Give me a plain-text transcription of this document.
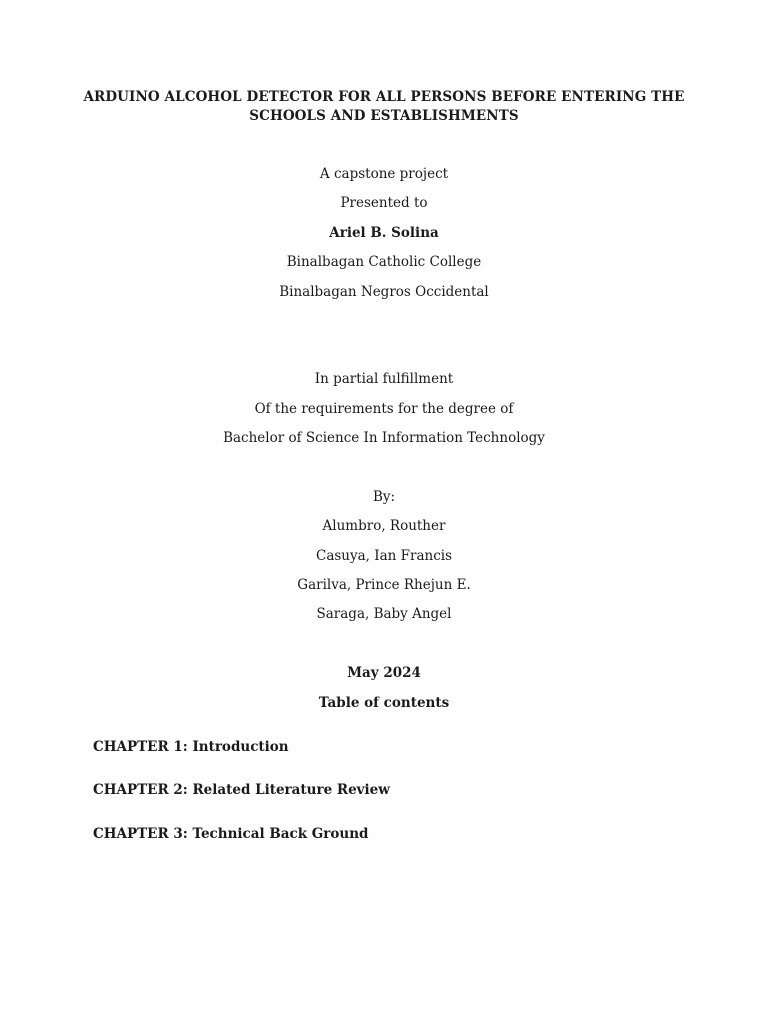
ARDUINO ALCOHOL DETECTOR FOR ALL PERSONS BEFORE ENTERING THE
SCHOOLS AND ESTABLISHMENTS
A capstone project
Presented to
Ariel B. Solina
Binalbagan Catholic College
Binalbagan Negros Occidental
In partial fulfillment
Of the requirements for the degree of
Bachelor of Science In Information Technology
By:
Alumbro, Routher
Casuya, Ian Francis
Garilva, Prince Rhejun E.
Saraga, Baby Angel
May 2024
Table of contents
CHAPTER 1: Introduction
CHAPTER 2: Related Literature Review
CHAPTER 3: Technical Back Ground
